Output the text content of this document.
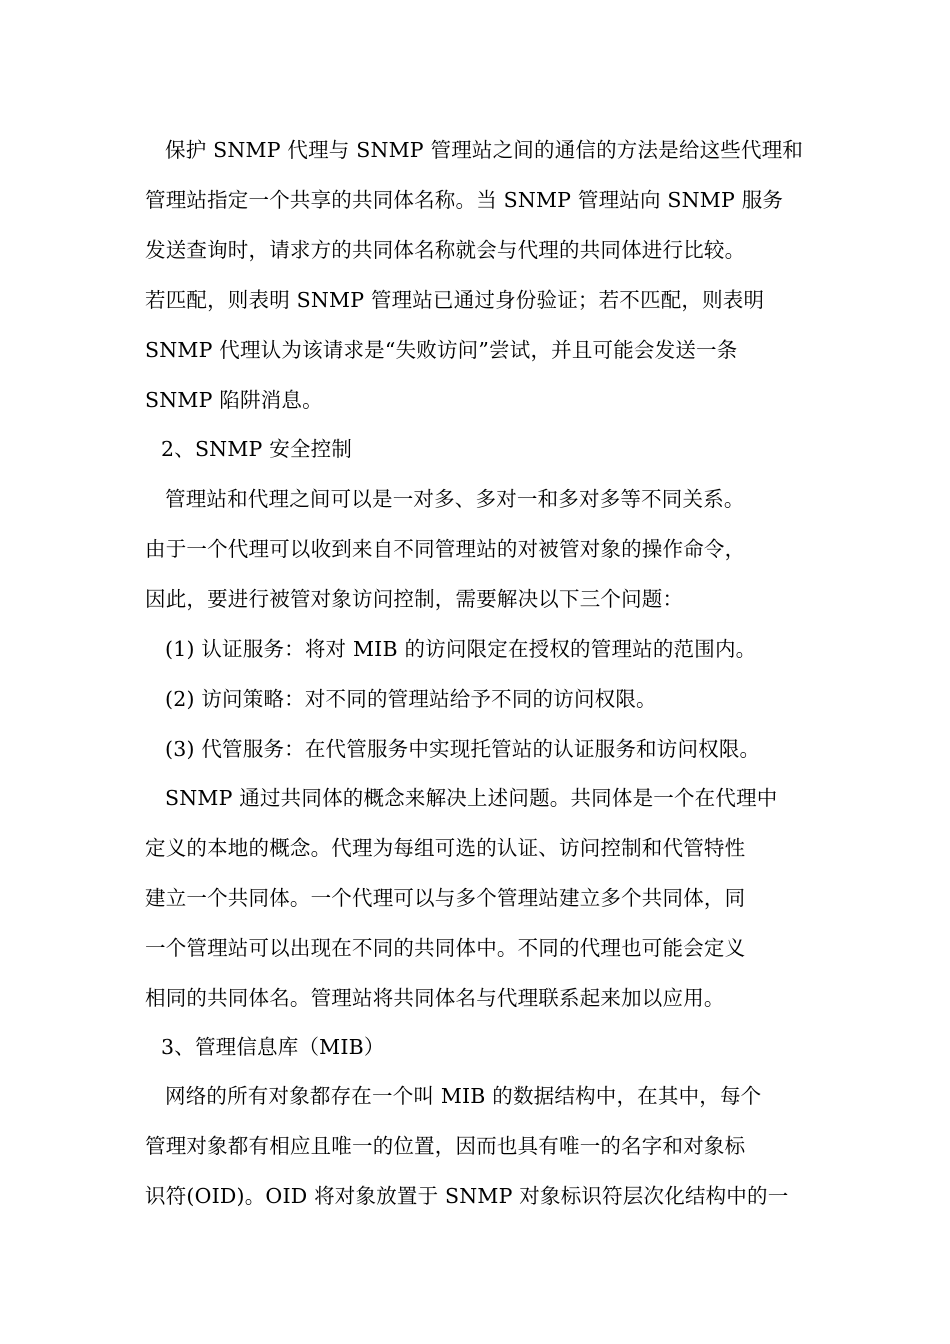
保护 SNMP 代理与 SNMP 管理站之间的通信的方法是给这些代理和
管理站指定一个共享的共同体名称。当 SNMP 管理站向 SNMP 服务
发送查询时，请求方的共同体名称就会与代理的共同体进行比较。
若匹配，则表明 SNMP 管理站已通过身份验证；若不匹配，则表明
SNMP 代理认为该请求是“失败访问”尝试，并且可能会发送一条
SNMP 陷阱消息。
2、SNMP 安全控制
管理站和代理之间可以是一对多、多对一和多对多等不同关系。
由于一个代理可以收到来自不同管理站的对被管对象的操作命令，
因此，要进行被管对象访问控制，需要解决以下三个问题：
(1) 认证服务：将对 MIB 的访问限定在授权的管理站的范围内。
(2) 访问策略：对不同的管理站给予不同的访问权限。
(3) 代管服务：在代管服务中实现托管站的认证服务和访问权限。
SNMP 通过共同体的概念来解决上述问题。共同体是一个在代理中
定义的本地的概念。代理为每组可选的认证、访问控制和代管特性
建立一个共同体。一个代理可以与多个管理站建立多个共同体，同
一个管理站可以出现在不同的共同体中。不同的代理也可能会定义
相同的共同体名。管理站将共同体名与代理联系起来加以应用。
3、管理信息库（MIB）
网络的所有对象都存在一个叫 MIB 的数据结构中，在其中，每个
管理对象都有相应且唯一的位置，因而也具有唯一的名字和对象标
识符(OID)。OID 将对象放置于 SNMP 对象标识符层次化结构中的一
